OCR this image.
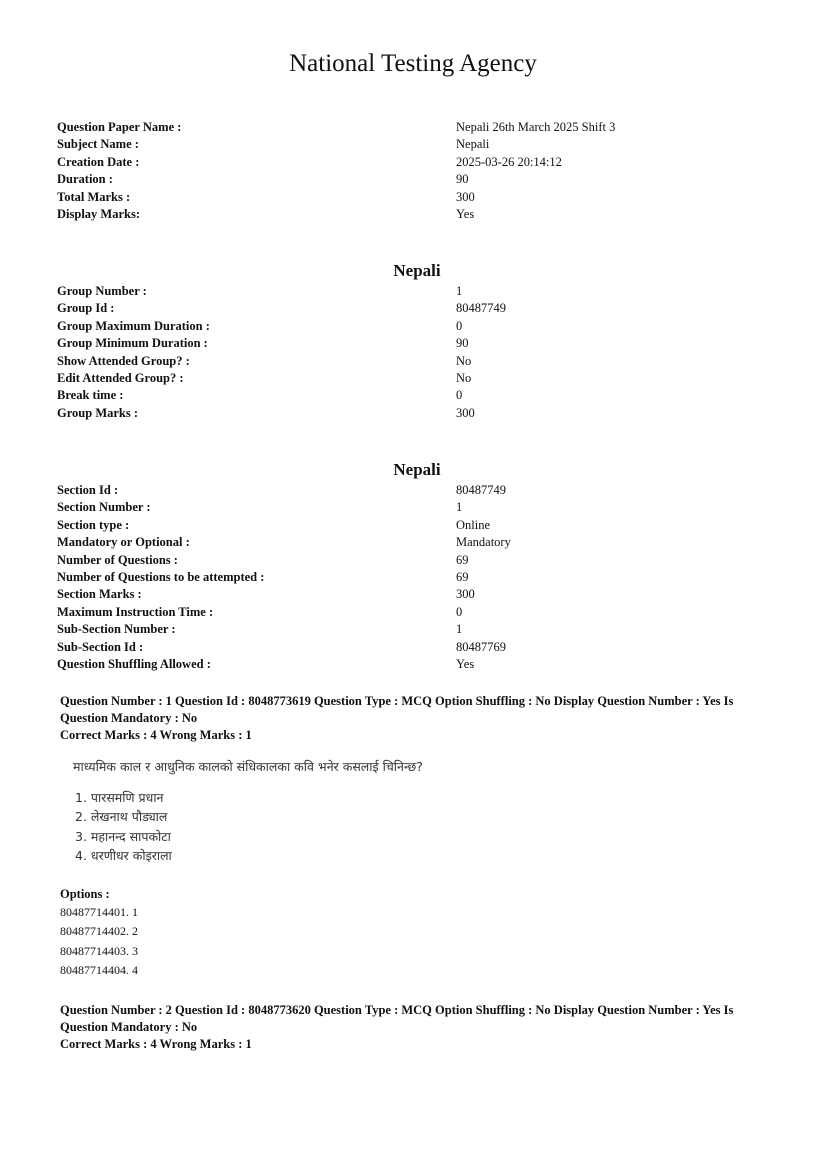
National Testing Agency
Question Paper Name :	Nepali 26th March 2025 Shift 3
Subject Name :	Nepali
Creation Date :	2025-03-26 20:14:12
Duration :	90
Total Marks :	300
Display Marks:	Yes
Nepali
Group Number :	1
Group Id :	80487749
Group Maximum Duration :	0
Group Minimum Duration :	90
Show Attended Group? :	No
Edit Attended Group? :	No
Break time :	0
Group Marks :	300
Nepali
Section Id :	80487749
Section Number :	1
Section type :	Online
Mandatory or Optional :	Mandatory
Number of Questions :	69
Number of Questions to be attempted :	69
Section Marks :	300
Maximum Instruction Time :	0
Sub-Section Number :	1
Sub-Section Id :	80487769
Question Shuffling Allowed :	Yes
Question Number : 1 Question Id : 8048773619 Question Type : MCQ Option Shuffling : No Display Question Number : Yes Is
Question Mandatory : No
Correct Marks : 4 Wrong Marks : 1
माध्यमिक काल र आधुनिक कालको संधिकालका कवि भनेर कसलाई चिनिन्छ?
1. पारसमणि प्रधान
2. लेखनाथ पौड्याल
3. महानन्द सापकोटा
4. धरणीधर कोइराला
Options :
80487714401. 1
80487714402. 2
80487714403. 3
80487714404. 4
Question Number : 2 Question Id : 8048773620 Question Type : MCQ Option Shuffling : No Display Question Number : Yes Is
Question Mandatory : No
Correct Marks : 4 Wrong Marks : 1
